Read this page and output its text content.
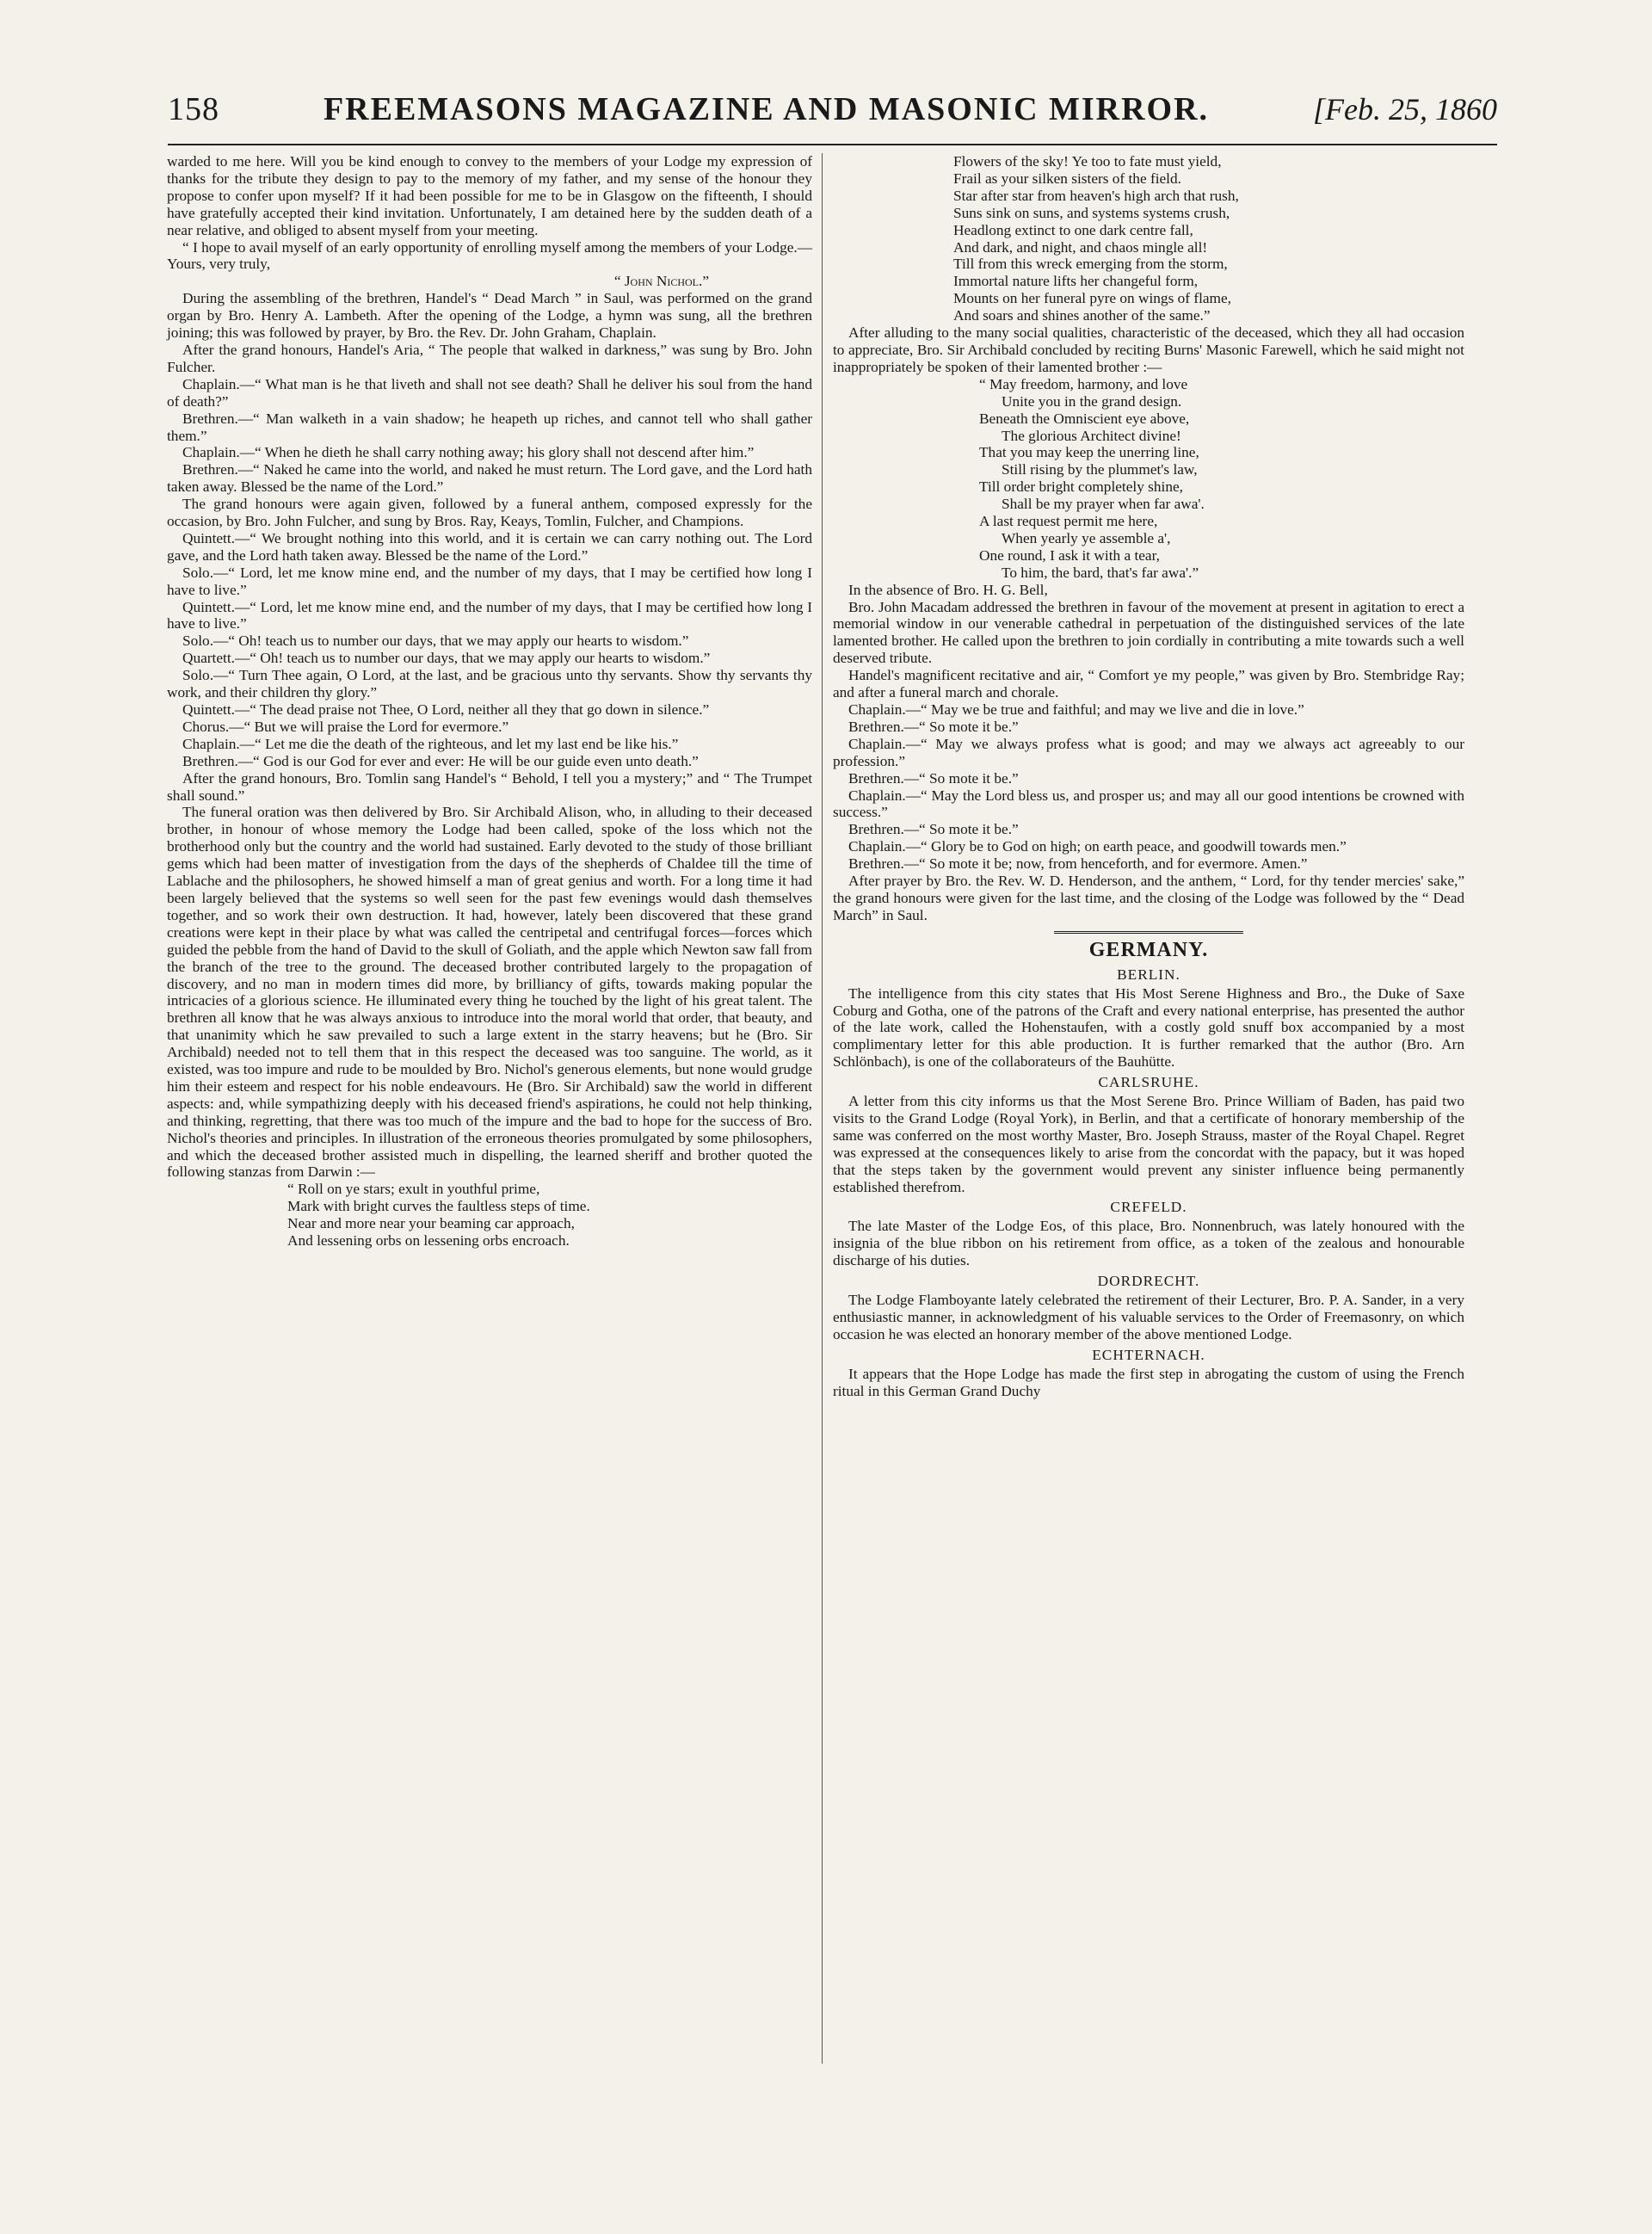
158	FREEMASONS MAGAZINE AND MASONIC MIRROR.	[Feb. 25, 1860

warded to me here. Will you be kind enough to convey to the members of your Lodge my expression of thanks for the tribute they design to pay to the memory of my father, and my sense of the honour they propose to confer upon myself? If it had been possible for me to be in Glasgow on the fifteenth, I should have gratefully accepted their kind invitation. Unfortunately, I am detained here by the sudden death of a near relative, and obliged to absent myself from your meeting.

“ I hope to avail myself of an early opportunity of enrolling myself among the members of your Lodge.—Yours, very truly,

“ John Nichol.”

During the assembling of the brethren, Handel's “ Dead March ” in Saul, was performed on the grand organ by Bro. Henry A. Lambeth. After the opening of the Lodge, a hymn was sung, all the brethren joining; this was followed by prayer, by Bro. the Rev. Dr. John Graham, Chaplain.

After the grand honours, Handel's Aria, “ The people that walked in darkness,” was sung by Bro. John Fulcher.

Chaplain.—“ What man is he that liveth and shall not see death? Shall he deliver his soul from the hand of death?”

Brethren.—“ Man walketh in a vain shadow; he heapeth up riches, and cannot tell who shall gather them.”

Chaplain.—“ When he dieth he shall carry nothing away; his glory shall not descend after him.”

Brethren.—“ Naked he came into the world, and naked he must return. The Lord gave, and the Lord hath taken away. Blessed be the name of the Lord.”

The grand honours were again given, followed by a funeral anthem, composed expressly for the occasion, by Bro. John Fulcher, and sung by Bros. Ray, Keays, Tomlin, Fulcher, and Champions.

Quintett.—“ We brought nothing into this world, and it is certain we can carry nothing out. The Lord gave, and the Lord hath taken away. Blessed be the name of the Lord.”

Solo.—“ Lord, let me know mine end, and the number of my days, that I may be certified how long I have to live.”

Quintett.—“ Lord, let me know mine end, and the number of my days, that I may be certified how long I have to live.”

Solo.—“ Oh! teach us to number our days, that we may apply our hearts to wisdom.”

Quartett.—“ Oh! teach us to number our days, that we may apply our hearts to wisdom.”

Solo.—“ Turn Thee again, O Lord, at the last, and be gracious unto thy servants. Show thy servants thy work, and their children thy glory.”

Quintett.—“ The dead praise not Thee, O Lord, neither all they that go down in silence.”

Chorus.—“ But we will praise the Lord for evermore.”

Chaplain.—“ Let me die the death of the righteous, and let my last end be like his.”

Brethren.—“ God is our God for ever and ever: He will be our guide even unto death.”

After the grand honours, Bro. Tomlin sang Handel's “ Behold, I tell you a mystery;” and “ The Trumpet shall sound.”

The funeral oration was then delivered by Bro. Sir Archibald Alison, who, in alluding to their deceased brother, in honour of whose memory the Lodge had been called, spoke of the loss which not the brotherhood only but the country and the world had sustained. Early devoted to the study of those brilliant gems which had been matter of investigation from the days of the shepherds of Chaldee till the time of Lablache and the philosophers, he showed himself a man of great genius and worth. For a long time it had been largely believed that the systems so well seen for the past few evenings would dash themselves together, and so work their own destruction. It had, however, lately been discovered that these grand creations were kept in their place by what was called the centripetal and centrifugal forces—forces which guided the pebble from the hand of David to the skull of Goliath, and the apple which Newton saw fall from the branch of the tree to the ground. The deceased brother contributed largely to the propagation of discovery, and no man in modern times did more, by brilliancy of gifts, towards making popular the intricacies of a glorious science. He illuminated every thing he touched by the light of his great talent. The brethren all know that he was always anxious to introduce into the moral world that order, that beauty, and that unanimity which he saw prevailed to such a large extent in the starry heavens; but he (Bro. Sir Archibald) needed not to tell them that in this respect the deceased was too sanguine. The world, as it existed, was too impure and rude to be moulded by Bro. Nichol's generous elements, but none would grudge him their esteem and respect for his noble endeavours. He (Bro. Sir Archibald) saw the world in different aspects: and, while sympathizing deeply with his deceased friend's aspirations, he could not help thinking, and thinking, regretting, that there was too much of the impure and the bad to hope for the success of Bro. Nichol's theories and principles. In illustration of the erroneous theories promulgated by some philosophers, and which the deceased brother assisted much in dispelling, the learned sheriff and brother quoted the following stanzas from Darwin :—

“ Roll on ye stars; exult in youthful prime,
Mark with bright curves the faultless steps of time.
Near and more near your beaming car approach,
And lessening orbs on lessening orbs encroach.
Flowers of the sky! Ye too to fate must yield,
Frail as your silken sisters of the field.
Star after star from heaven's high arch that rush,
Suns sink on suns, and systems systems crush,
Headlong extinct to one dark centre fall,
And dark, and night, and chaos mingle all!
Till from this wreck emerging from the storm,
Immortal nature lifts her changeful form,
Mounts on her funeral pyre on wings of flame,
And soars and shines another of the same.”

After alluding to the many social qualities, characteristic of the deceased, which they all had occasion to appreciate, Bro. Sir Archibald concluded by reciting Burns' Masonic Farewell, which he said might not inappropriately be spoken of their lamented brother :—

“ May freedom, harmony, and love
Unite you in the grand design.
Beneath the Omniscient eye above,
The glorious Architect divine!
That you may keep the unerring line,
Still rising by the plummet's law,
Till order bright completely shine,
Shall be my prayer when far awa'.
A last request permit me here,
When yearly ye assemble a',
One round, I ask it with a tear,
To him, the bard, that's far awa'.”

In the absence of Bro. H. G. Bell,

Bro. John Macadam addressed the brethren in favour of the movement at present in agitation to erect a memorial window in our venerable cathedral in perpetuation of the distinguished services of the late lamented brother. He called upon the brethren to join cordially in contributing a mite towards such a well deserved tribute.

Handel's magnificent recitative and air, “ Comfort ye my people,” was given by Bro. Stembridge Ray; and after a funeral march and chorale.

Chaplain.—“ May we be true and faithful; and may we live and die in love.”

Brethren.—“ So mote it be.”

Chaplain.—“ May we always profess what is good; and may we always act agreeably to our profession.”

Brethren.—“ So mote it be.”

Chaplain.—“ May the Lord bless us, and prosper us; and may all our good intentions be crowned with success.”

Brethren.—“ So mote it be.”

Chaplain.—“ Glory be to God on high; on earth peace, and goodwill towards men.”

Brethren.—“ So mote it be; now, from henceforth, and for evermore. Amen.”

After prayer by Bro. the Rev. W. D. Henderson, and the anthem, “ Lord, for thy tender mercies' sake,” the grand honours were given for the last time, and the closing of the Lodge was followed by the “ Dead March” in Saul.

GERMANY.
BERLIN.

The intelligence from this city states that His Most Serene Highness and Bro., the Duke of Saxe Coburg and Gotha, one of the patrons of the Craft and every national enterprise, has presented the author of the late work, called the Hohenstaufen, with a costly gold snuff box accompanied by a most complimentary letter for this able production. It is further remarked that the author (Bro. Arn Schlönbach), is one of the collaborateurs of the Bauhütte.

CARLSRUHE.

A letter from this city informs us that the Most Serene Bro. Prince William of Baden, has paid two visits to the Grand Lodge (Royal York), in Berlin, and that a certificate of honorary membership of the same was conferred on the most worthy Master, Bro. Joseph Strauss, master of the Royal Chapel. Regret was expressed at the consequences likely to arise from the concordat with the papacy, but it was hoped that the steps taken by the government would prevent any sinister influence being permanently established therefrom.

CREFELD.

The late Master of the Lodge Eos, of this place, Bro. Nonnenbruch, was lately honoured with the insignia of the blue ribbon on his retirement from office, as a token of the zealous and honourable discharge of his duties.

DORDRECHT.

The Lodge Flamboyante lately celebrated the retirement of their Lecturer, Bro. P. A. Sander, in a very enthusiastic manner, in acknowledgment of his valuable services to the Order of Freemasonry, on which occasion he was elected an honorary member of the above mentioned Lodge.

ECHTERNACH.

It appears that the Hope Lodge has made the first step in abrogating the custom of using the French ritual in this German Grand Duchy
